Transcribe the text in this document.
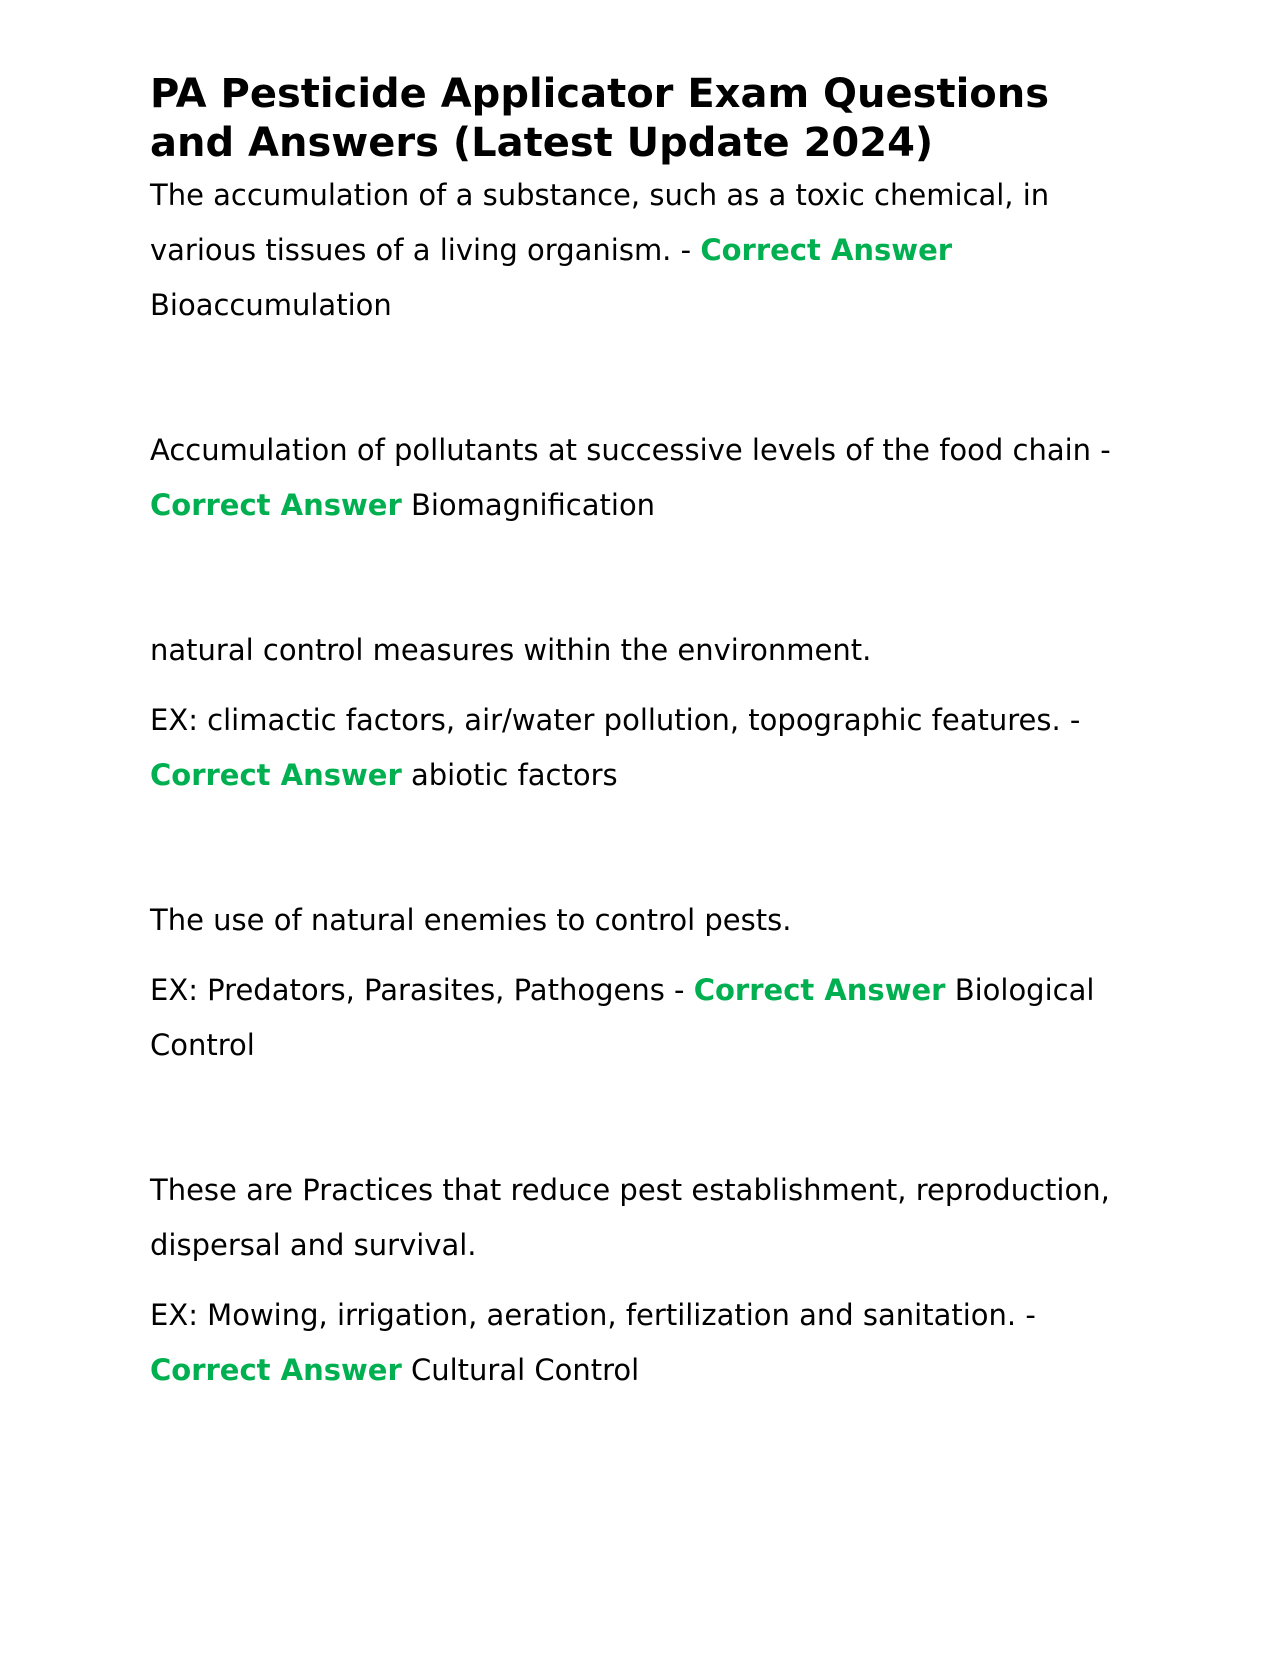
PA Pesticide Applicator Exam Questions and Answers (Latest Update 2024)

The accumulation of a substance, such as a toxic chemical, in various tissues of a living organism. - Correct Answer Bioaccumulation

Accumulation of pollutants at successive levels of the food chain - Correct Answer Biomagnification

natural control measures within the environment.

EX: climactic factors, air/water pollution, topographic features. - Correct Answer abiotic factors

The use of natural enemies to control pests.

EX: Predators, Parasites, Pathogens - Correct Answer Biological Control

These are Practices that reduce pest establishment, reproduction, dispersal and survival.

EX: Mowing, irrigation, aeration, fertilization and sanitation. - Correct Answer Cultural Control
